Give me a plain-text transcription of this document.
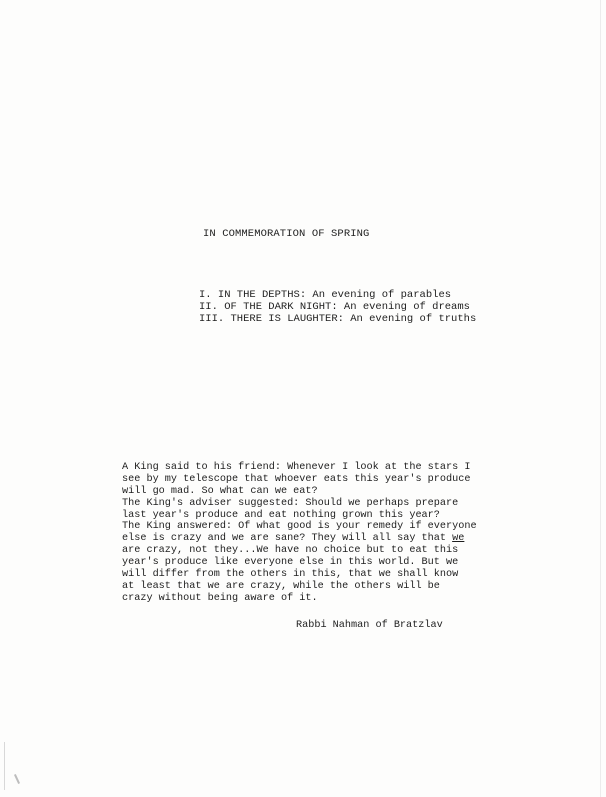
IN COMMEMORATION OF SPRING
I. IN THE DEPTHS: An evening of parables
II. OF THE DARK NIGHT: An evening of dreams
III. THERE IS LAUGHTER: An evening of truths
A King said to his friend: Whenever I look at the stars I
see by my telescope that whoever eats this year's produce
will go mad. So what can we eat?
The King's adviser suggested: Should we perhaps prepare
last year's produce and eat nothing grown this year?
The King answered: Of what good is your remedy if everyone
else is crazy and we are sane? They will all say that we
are crazy, not they...We have no choice but to eat this
year's produce like everyone else in this world. But we
will differ from the others in this, that we shall know
at least that we are crazy, while the others will be
crazy without being aware of it.
Rabbi Nahman of Bratzlav
